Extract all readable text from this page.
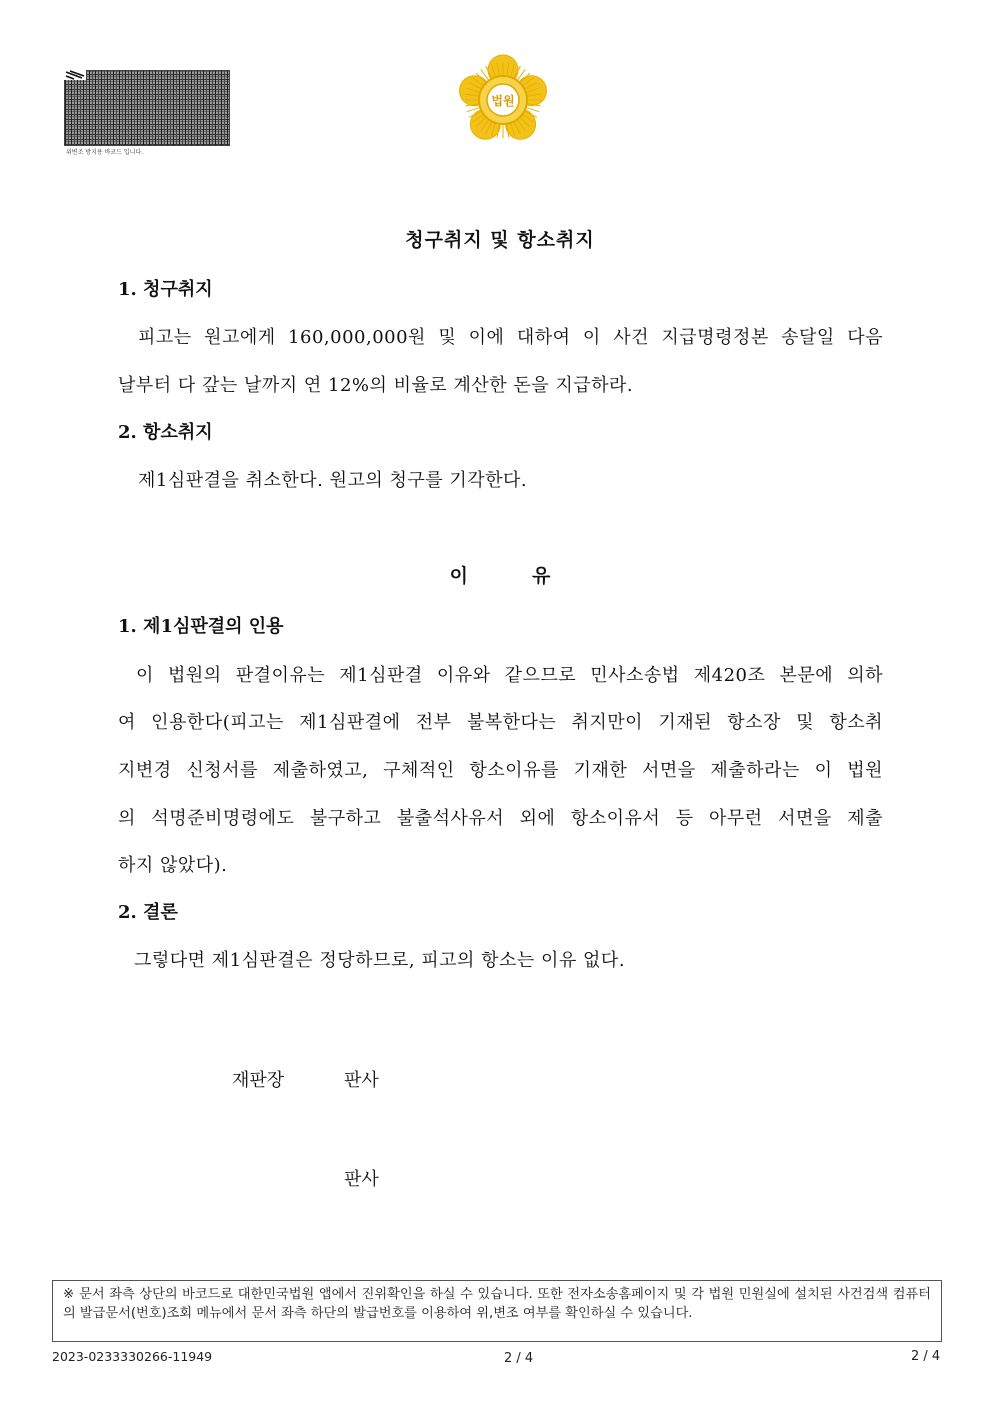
위변조 방지용 바코드 입니다.
법원
청구취지 및 항소취지
1. 청구취지
피고는 원고에게 160,000,000원 및 이에 대하여 이 사건 지급명령정본 송달일 다음
날부터 다 갚는 날까지 연 12%의 비율로 계산한 돈을 지급하라.
2. 항소취지
제1심판결을 취소한다. 원고의 청구를 기각한다.
이	유
1. 제1심판결의 인용
이 법원의 판결이유는 제1심판결 이유와 같으므로 민사소송법 제420조 본문에 의하
여 인용한다(피고는 제1심판결에 전부 불복한다는 취지만이 기재된 항소장 및 항소취
지변경 신청서를 제출하였고, 구체적인 항소이유를 기재한 서면을 제출하라는 이 법원
의 석명준비명령에도 불구하고 불출석사유서 외에 항소이유서 등 아무런 서면을 제출
하지 않았다).
2. 결론
그렇다면 제1심판결은 정당하므로, 피고의 항소는 이유 없다.
재판장	판사
판사
※ 문서 좌측 상단의 바코드로 대한민국법원 앱에서 진위확인을 하실 수 있습니다. 또한 전자소송홈페이지 및 각 법원 민원실에 설치된 사건검색 컴퓨터의 발급문서(번호)조회 메뉴에서 문서 좌측 하단의 발급번호를 이용하여 위,변조 여부를 확인하실 수 있습니다.
2023-0233330266-11949	2 / 4	2 / 4
